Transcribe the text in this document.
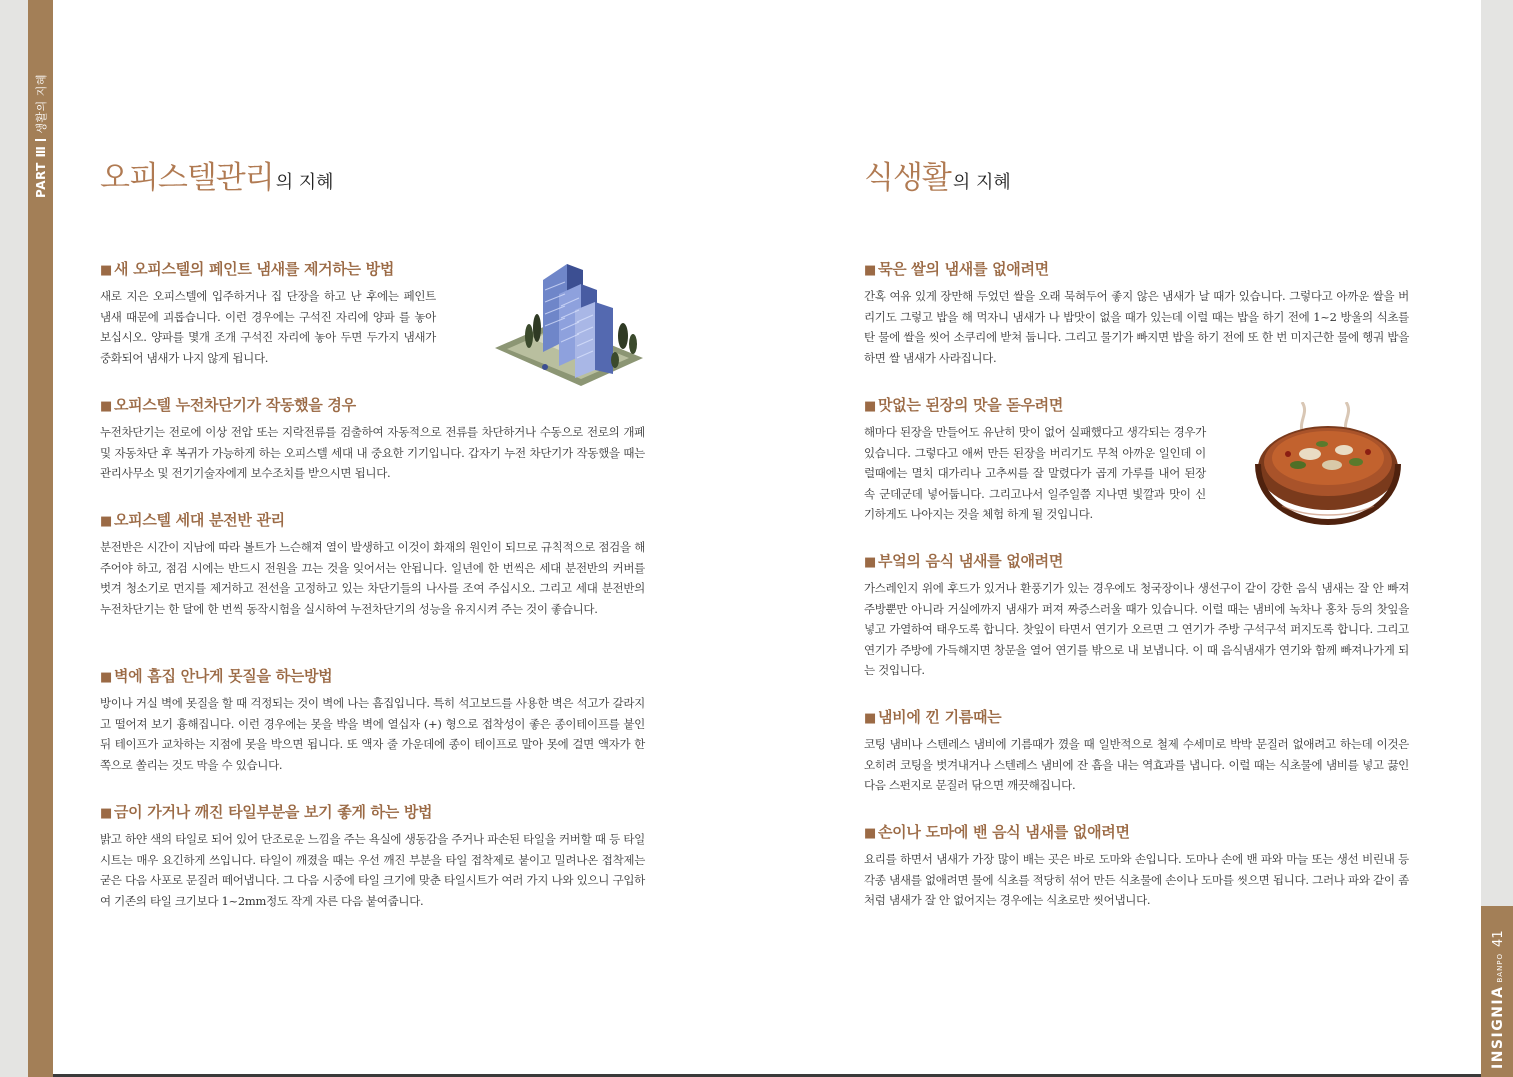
PART Ⅲ생활의 지혜
INSIGNIABANPO41
오피스텔관리 의 지혜
■ 새 오피스텔의 페인트 냄새를 제거하는 방법

새로 지은 오피스텔에 입주하거나 집 단장을 하고 난 후에는 페인트 냄새 때문에 괴롭습니다. 이런 경우에는 구석진 자리에 양파 를 놓아 보십시오. 양파를 몇개 조개 구석진 자리에 놓아 두면 두가지 냄새가 중화되어 냄새가 나지 않게 됩니다.

■ 오피스텔 누전차단기가 작동했을 경우

누전차단기는 전로에 이상 전압 또는 지락전류를 검출하여 자동적으로 전류를 차단하거나 수동으로 전로의 개폐 및 자동차단 후 복귀가 가능하게 하는 오피스텔 세대 내 중요한 기기입니다. 갑자기 누전 차단기가 작동했을 때는 관리사무소 및 전기기술자에게 보수조치를 받으시면 됩니다.

■ 오피스텔 세대 분전반 관리

분전반은 시간이 지남에 따라 볼트가 느슨해져 열이 발생하고 이것이 화재의 원인이 되므로 규칙적으로 점검을 해 주어야 하고, 점검 시에는 반드시 전원을 끄는 것을 잊어서는 안됩니다. 일년에 한 번씩은 세대 분전반의 커버를 벗겨 청소기로 먼지를 제거하고 전선을 고정하고 있는 차단기들의 나사를 조여 주십시오. 그리고 세대 분전반의 누전차단기는 한 달에 한 번씩 동작시험을 실시하여 누전차단기의 성능을 유지시켜 주는 것이 좋습니다.

■ 벽에 흠집 안나게 못질을 하는방법

방이나 거실 벽에 못질을 할 때 걱정되는 것이 벽에 나는 흠집입니다. 특히 석고보드를 사용한 벽은 석고가 갈라지고 떨어져 보기 흉해집니다. 이런 경우에는 못을 박을 벽에 열십자 (+) 형으로 접착성이 좋은 종이테이프를 붙인 뒤 테이프가 교차하는 지점에 못을 박으면 됩니다. 또 액자 줄 가운데에 종이 테이프로 말아 못에 걸면 액자가 한쪽으로 쏠리는 것도 막을 수 있습니다.

■ 금이 가거나 깨진 타일부분을 보기 좋게 하는 방법

밝고 하얀 색의 타일로 되어 있어 단조로운 느낌을 주는 욕실에 생동감을 주거나 파손된 타일을 커버할 때 등 타일시트는 매우 요긴하게 쓰입니다. 타일이 깨졌을 때는 우선 깨진 부분을 타일 접착제로 붙이고 밀려나온 접착제는 굳은 다음 사포로 문질러 떼어냅니다. 그 다음 시중에 타일 크기에 맞춘 타일시트가 여러 가지 나와 있으니 구입하여 기존의 타일 크기보다 1~2mm정도 작게 자른 다음 붙여줍니다.

식생활 의 지혜
■ 묵은 쌀의 냄새를 없애려면

간혹 여유 있게 장만해 두었던 쌀을 오래 묵혀두어 좋지 않은 냄새가 날 때가 있습니다. 그렇다고 아까운 쌀을 버리기도 그렇고 밥을 해 먹자니 냄새가 나 밥맛이 없을 때가 있는데 이럴 때는 밥을 하기 전에 1~2 방울의 식초를 탄 물에 쌀을 씻어 소쿠리에 받쳐 둡니다. 그리고 물기가 빠지면 밥을 하기 전에 또 한 번 미지근한 물에 헹궈 밥을 하면 쌀 냄새가 사라집니다.

■ 맛없는 된장의 맛을 돋우려면

해마다 된장을 만들어도 유난히 맛이 없어 실패했다고 생각되는 경우가 있습니다. 그렇다고 애써 만든 된장을 버리기도 무척 아까운 일인데 이럴때에는 멸치 대가리나 고추씨를 잘 말렸다가 곱게 가루를 내어 된장 속 군데군데 넣어둡니다. 그리고나서 일주일쯤 지나면 빛깔과 맛이 신기하게도 나아지는 것을 체험 하게 될 것입니다.

■ 부엌의 음식 냄새를 없애려면

가스레인지 위에 후드가 있거나 환풍기가 있는 경우에도 청국장이나 생선구이 같이 강한 음식 냄새는 잘 안 빠져 주방뿐만 아니라 거실에까지 냄새가 퍼져 짜증스러울 때가 있습니다. 이럴 때는 냄비에 녹차나 홍차 등의 찻잎을 넣고 가열하여 태우도록 합니다. 찻잎이 타면서 연기가 오르면 그 연기가 주방 구석구석 퍼지도록 합니다. 그리고 연기가 주방에 가득해지면 창문을 열어 연기를 밖으로 내 보냅니다. 이 때 음식냄새가 연기와 함께 빠져나가게 되는 것입니다.

■ 냄비에 낀 기름때는

코팅 냄비나 스텐레스 냄비에 기름때가 꼈을 때 일반적으로 철제 수세미로 박박 문질러 없애려고 하는데 이것은 오히려 코팅을 벗겨내거나 스텐레스 냄비에 잔 흠을 내는 역효과를 냅니다. 이럴 때는 식초물에 냄비를 넣고 끓인 다음 스펀지로 문질러 닦으면 깨끗해집니다.

■ 손이나 도마에 밴 음식 냄새를 없애려면

요리를 하면서 냄새가 가장 많이 배는 곳은 바로 도마와 손입니다. 도마나 손에 밴 파와 마늘 또는 생선 비린내 등 각종 냄새를 없애려면 물에 식초를 적당히 섞어 만든 식초물에 손이나 도마를 씻으면 됩니다. 그러나 파와 같이 좀처럼 냄새가 잘 안 없어지는 경우에는 식초로만 씻어냅니다.
